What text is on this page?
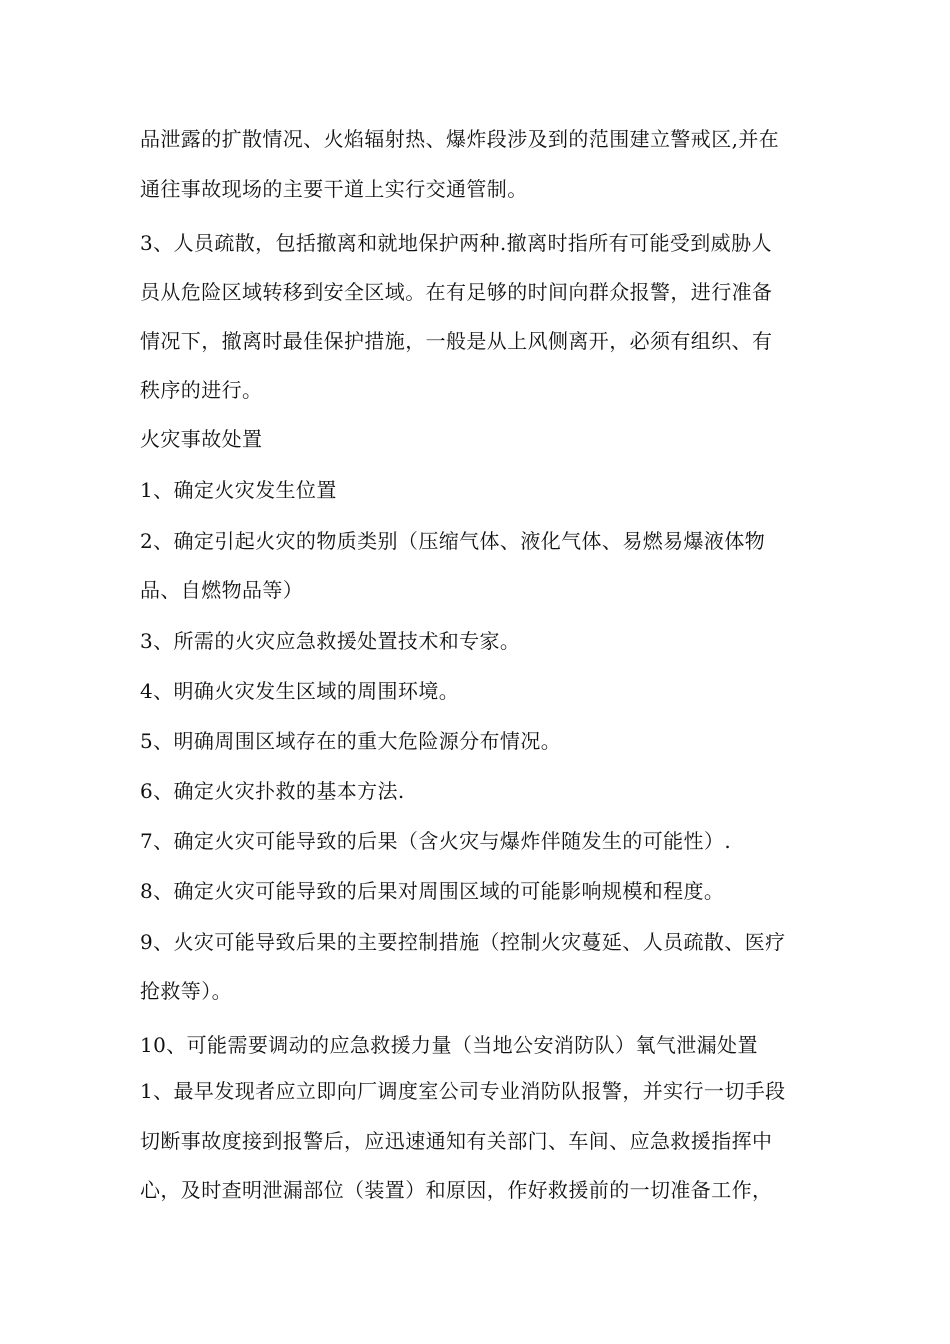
品泄露的扩散情况、火焰辐射热、爆炸段涉及到的范围建立警戒区,并在
通往事故现场的主要干道上实行交通管制。
3、人员疏散，包括撤离和就地保护两种.撤离时指所有可能受到威胁人
员从危险区域转移到安全区域。在有足够的时间向群众报警，进行准备
情况下，撤离时最佳保护措施，一般是从上风侧离开，必须有组织、有
秩序的进行。
火灾事故处置
1、确定火灾发生位置
2、确定引起火灾的物质类别（压缩气体、液化气体、易燃易爆液体物
品、自燃物品等）
3、所需的火灾应急救援处置技术和专家。
4、明确火灾发生区域的周围环境。
5、明确周围区域存在的重大危险源分布情况。
6、确定火灾扑救的基本方法.
7、确定火灾可能导致的后果（含火灾与爆炸伴随发生的可能性）.
8、确定火灾可能导致的后果对周围区域的可能影响规模和程度。
9、火灾可能导致后果的主要控制措施（控制火灾蔓延、人员疏散、医疗
抢救等）。
10、可能需要调动的应急救援力量（当地公安消防队）氧气泄漏处置
1、最早发现者应立即向厂调度室公司专业消防队报警，并实行一切手段
切断事故度接到报警后，应迅速通知有关部门、车间、应急救援指挥中
心，及时查明泄漏部位（装置）和原因，作好救援前的一切准备工作，
